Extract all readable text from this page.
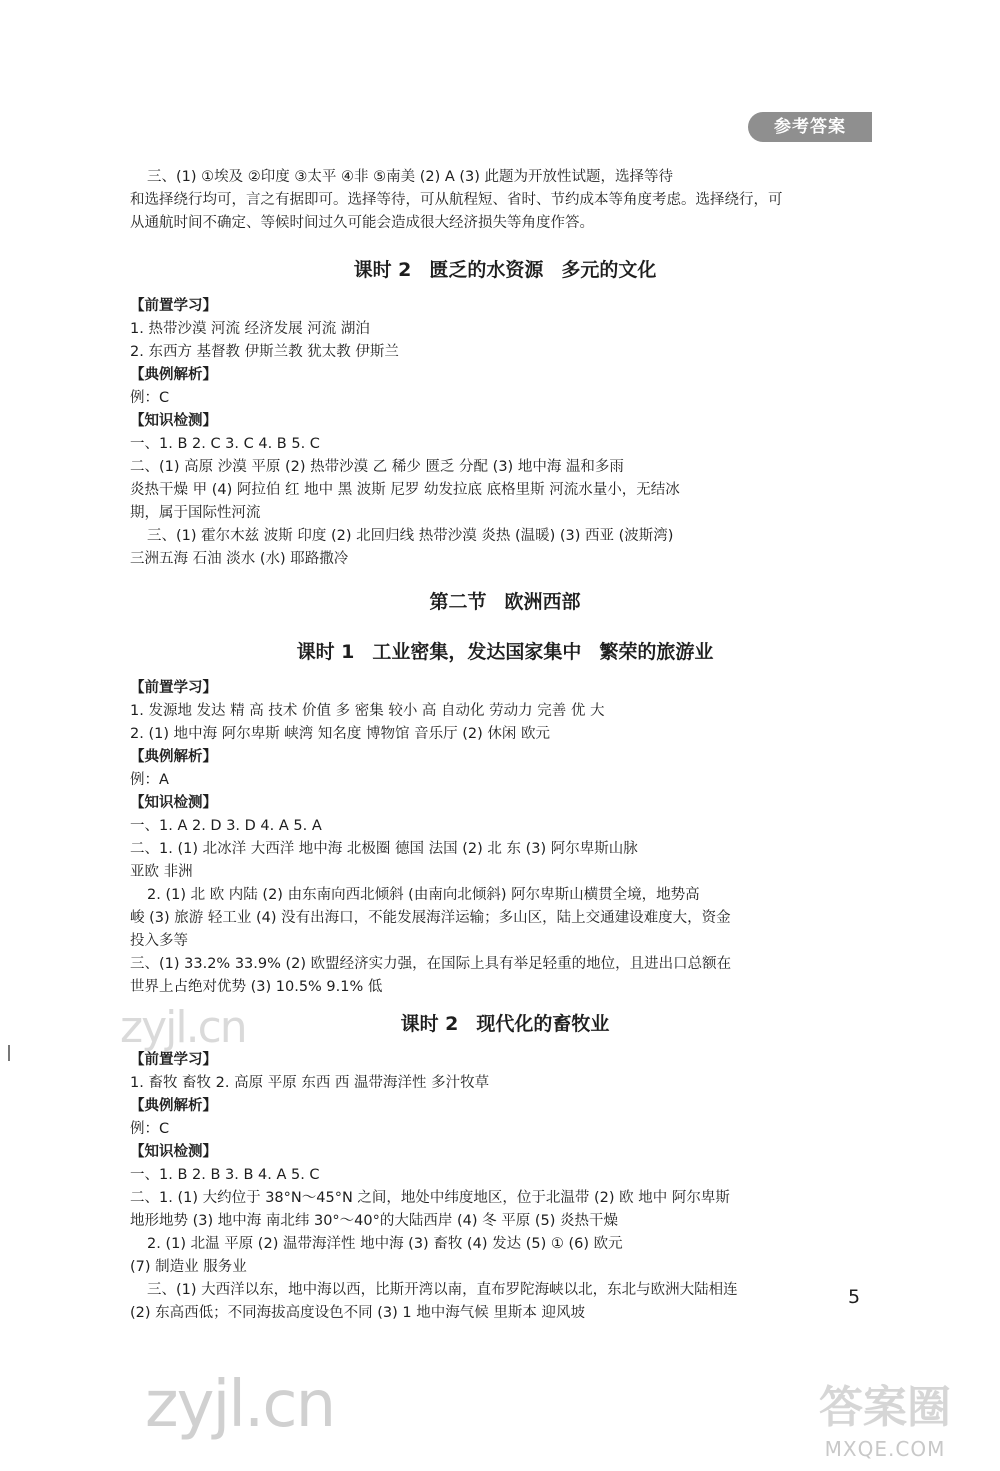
参考答案
三、(1) ①埃及 ②印度 ③太平 ④非 ⑤南美 (2) A (3) 此题为开放性试题，选择等待
和选择绕行均可，言之有据即可。选择等待，可从航程短、省时、节约成本等角度考虑。选择绕行，可
从通航时间不确定、等候时间过久可能会造成很大经济损失等角度作答。
课时 2 匮乏的水资源 多元的文化
【前置学习】
1. 热带沙漠 河流 经济发展 河流 湖泊
2. 东西方 基督教 伊斯兰教 犹太教 伊斯兰
【典例解析】
例：C
【知识检测】
一、1. B 2. C 3. C 4. B 5. C
二、(1) 高原 沙漠 平原 (2) 热带沙漠 乙 稀少 匮乏 分配 (3) 地中海 温和多雨
炎热干燥 甲 (4) 阿拉伯 红 地中 黑 波斯 尼罗 幼发拉底 底格里斯 河流水量小，无结冰
期，属于国际性河流
三、(1) 霍尔木兹 波斯 印度 (2) 北回归线 热带沙漠 炎热 (温暖) (3) 西亚 (波斯湾)
三洲五海 石油 淡水 (水) 耶路撒冷
第二节 欧洲西部
课时 1 工业密集，发达国家集中 繁荣的旅游业
【前置学习】
1. 发源地 发达 精 高 技术 价值 多 密集 较小 高 自动化 劳动力 完善 优 大
2. (1) 地中海 阿尔卑斯 峡湾 知名度 博物馆 音乐厅 (2) 休闲 欧元
【典例解析】
例：A
【知识检测】
一、1. A 2. D 3. D 4. A 5. A
二、1. (1) 北冰洋 大西洋 地中海 北极圈 德国 法国 (2) 北 东 (3) 阿尔卑斯山脉
亚欧 非洲
2. (1) 北 欧 内陆 (2) 由东南向西北倾斜 (由南向北倾斜) 阿尔卑斯山横贯全境，地势高
峻 (3) 旅游 轻工业 (4) 没有出海口，不能发展海洋运输；多山区，陆上交通建设难度大，资金
投入多等
三、(1) 33.2% 33.9% (2) 欧盟经济实力强，在国际上具有举足轻重的地位，且进出口总额在
世界上占绝对优势 (3) 10.5% 9.1% 低
课时 2 现代化的畜牧业
【前置学习】
1. 畜牧 畜牧 2. 高原 平原 东西 西 温带海洋性 多汁牧草
【典例解析】
例：C
【知识检测】
一、1. B 2. B 3. B 4. A 5. C
二、1. (1) 大约位于 38°N～45°N 之间，地处中纬度地区，位于北温带 (2) 欧 地中 阿尔卑斯
地形地势 (3) 地中海 南北纬 30°～40°的大陆西岸 (4) 冬 平原 (5) 炎热干燥
2. (1) 北温 平原 (2) 温带海洋性 地中海 (3) 畜牧 (4) 发达 (5) ① (6) 欧元
(7) 制造业 服务业
三、(1) 大西洋以东，地中海以西，比斯开湾以南，直布罗陀海峡以北，东北与欧洲大陆相连
(2) 东高西低；不同海拔高度设色不同 (3) 1 地中海气候 里斯本 迎风坡
5
zyjl.cn
zyjl.cn	答案圈
MXQE.COM
